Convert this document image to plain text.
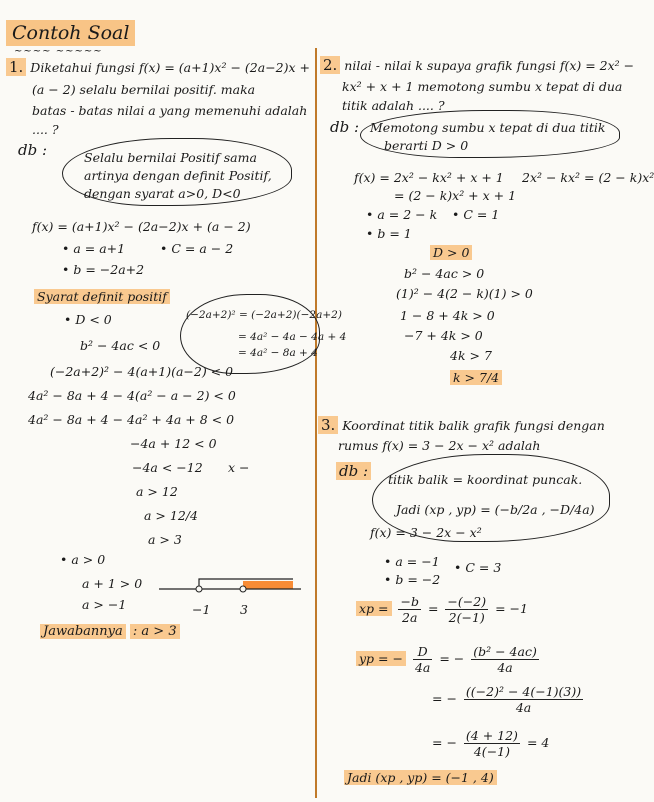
Contoh Soal
~~~~ ~~~~~
1. Diketahui fungsi f(x) = (a+1)x² − (2a−2)x +
(a − 2) selalu bernilai positif. maka
batas - batas nilai a yang memenuhi adalah
.... ?
db :	Selalu bernilai Positif sama
artinya dengan definit Positif,
dengan syarat a>0, D<0
f(x) = (a+1)x² − (2a−2)x + (a − 2)
• a = a+1	• C = a − 2
• b = −2a+2
Syarat definit positif
(−2a+2)² = (−2a+2)(−2a+2)
= 4a² − 4a − 4a + 4
= 4a² − 8a + 4
• D < 0
b² − 4ac < 0
(−2a+2)² − 4(a+1)(a−2) < 0
4a² − 8a + 4 − 4(a² − a − 2) < 0
4a² − 8a + 4 − 4a² + 4a + 8 < 0
−4a + 12 < 0
−4a < −12 x −
a > 12
a > 12/4
a > 3
• a > 0
a + 1 > 0
a > −1	−1 3
Jawabannya : a > 3
2. nilai - nilai k supaya grafik fungsi f(x) = 2x² −
kx² + x + 1 memotong sumbu x tepat di dua
titik adalah .... ?
db : Memotong sumbu x tepat di dua titik
berarti D > 0
f(x) = 2x² − kx² + x + 1
= (2 − k)x² + x + 1
2x² − kx² = (2 − k)x²
• a = 2 − k • C = 1
• b = 1
D > 0
b² − 4ac > 0
(1)² − 4(2 − k)(1) > 0
1 − 8 + 4k > 0
−7 + 4k > 0
4k > 7
k > 7/4
3. Koordinat titik balik grafik fungsi dengan
rumus f(x) = 3 − 2x − x² adalah
db : titik balik = koordinat puncak.
Jadi (xp , yp) = (−b/2a , −D/4a)
f(x) = 3 − 2x − x²
• a = −1 • C = 3
• b = −2
xp = $\frac{-b}{2a} = \frac{-(-2)}{2(-1)} = -1$
yp = − $\frac{D}{4a}$ = − $\frac{\text{(b² − 4ac)}}{4a}$
= − $\frac{\text{((−2)² − 4(−1)(3))}}{4a}$
= − $\frac{(4 + 12)}{4(-1)} = 4$
Jadi (xp , yp) = (−1 , 4)
